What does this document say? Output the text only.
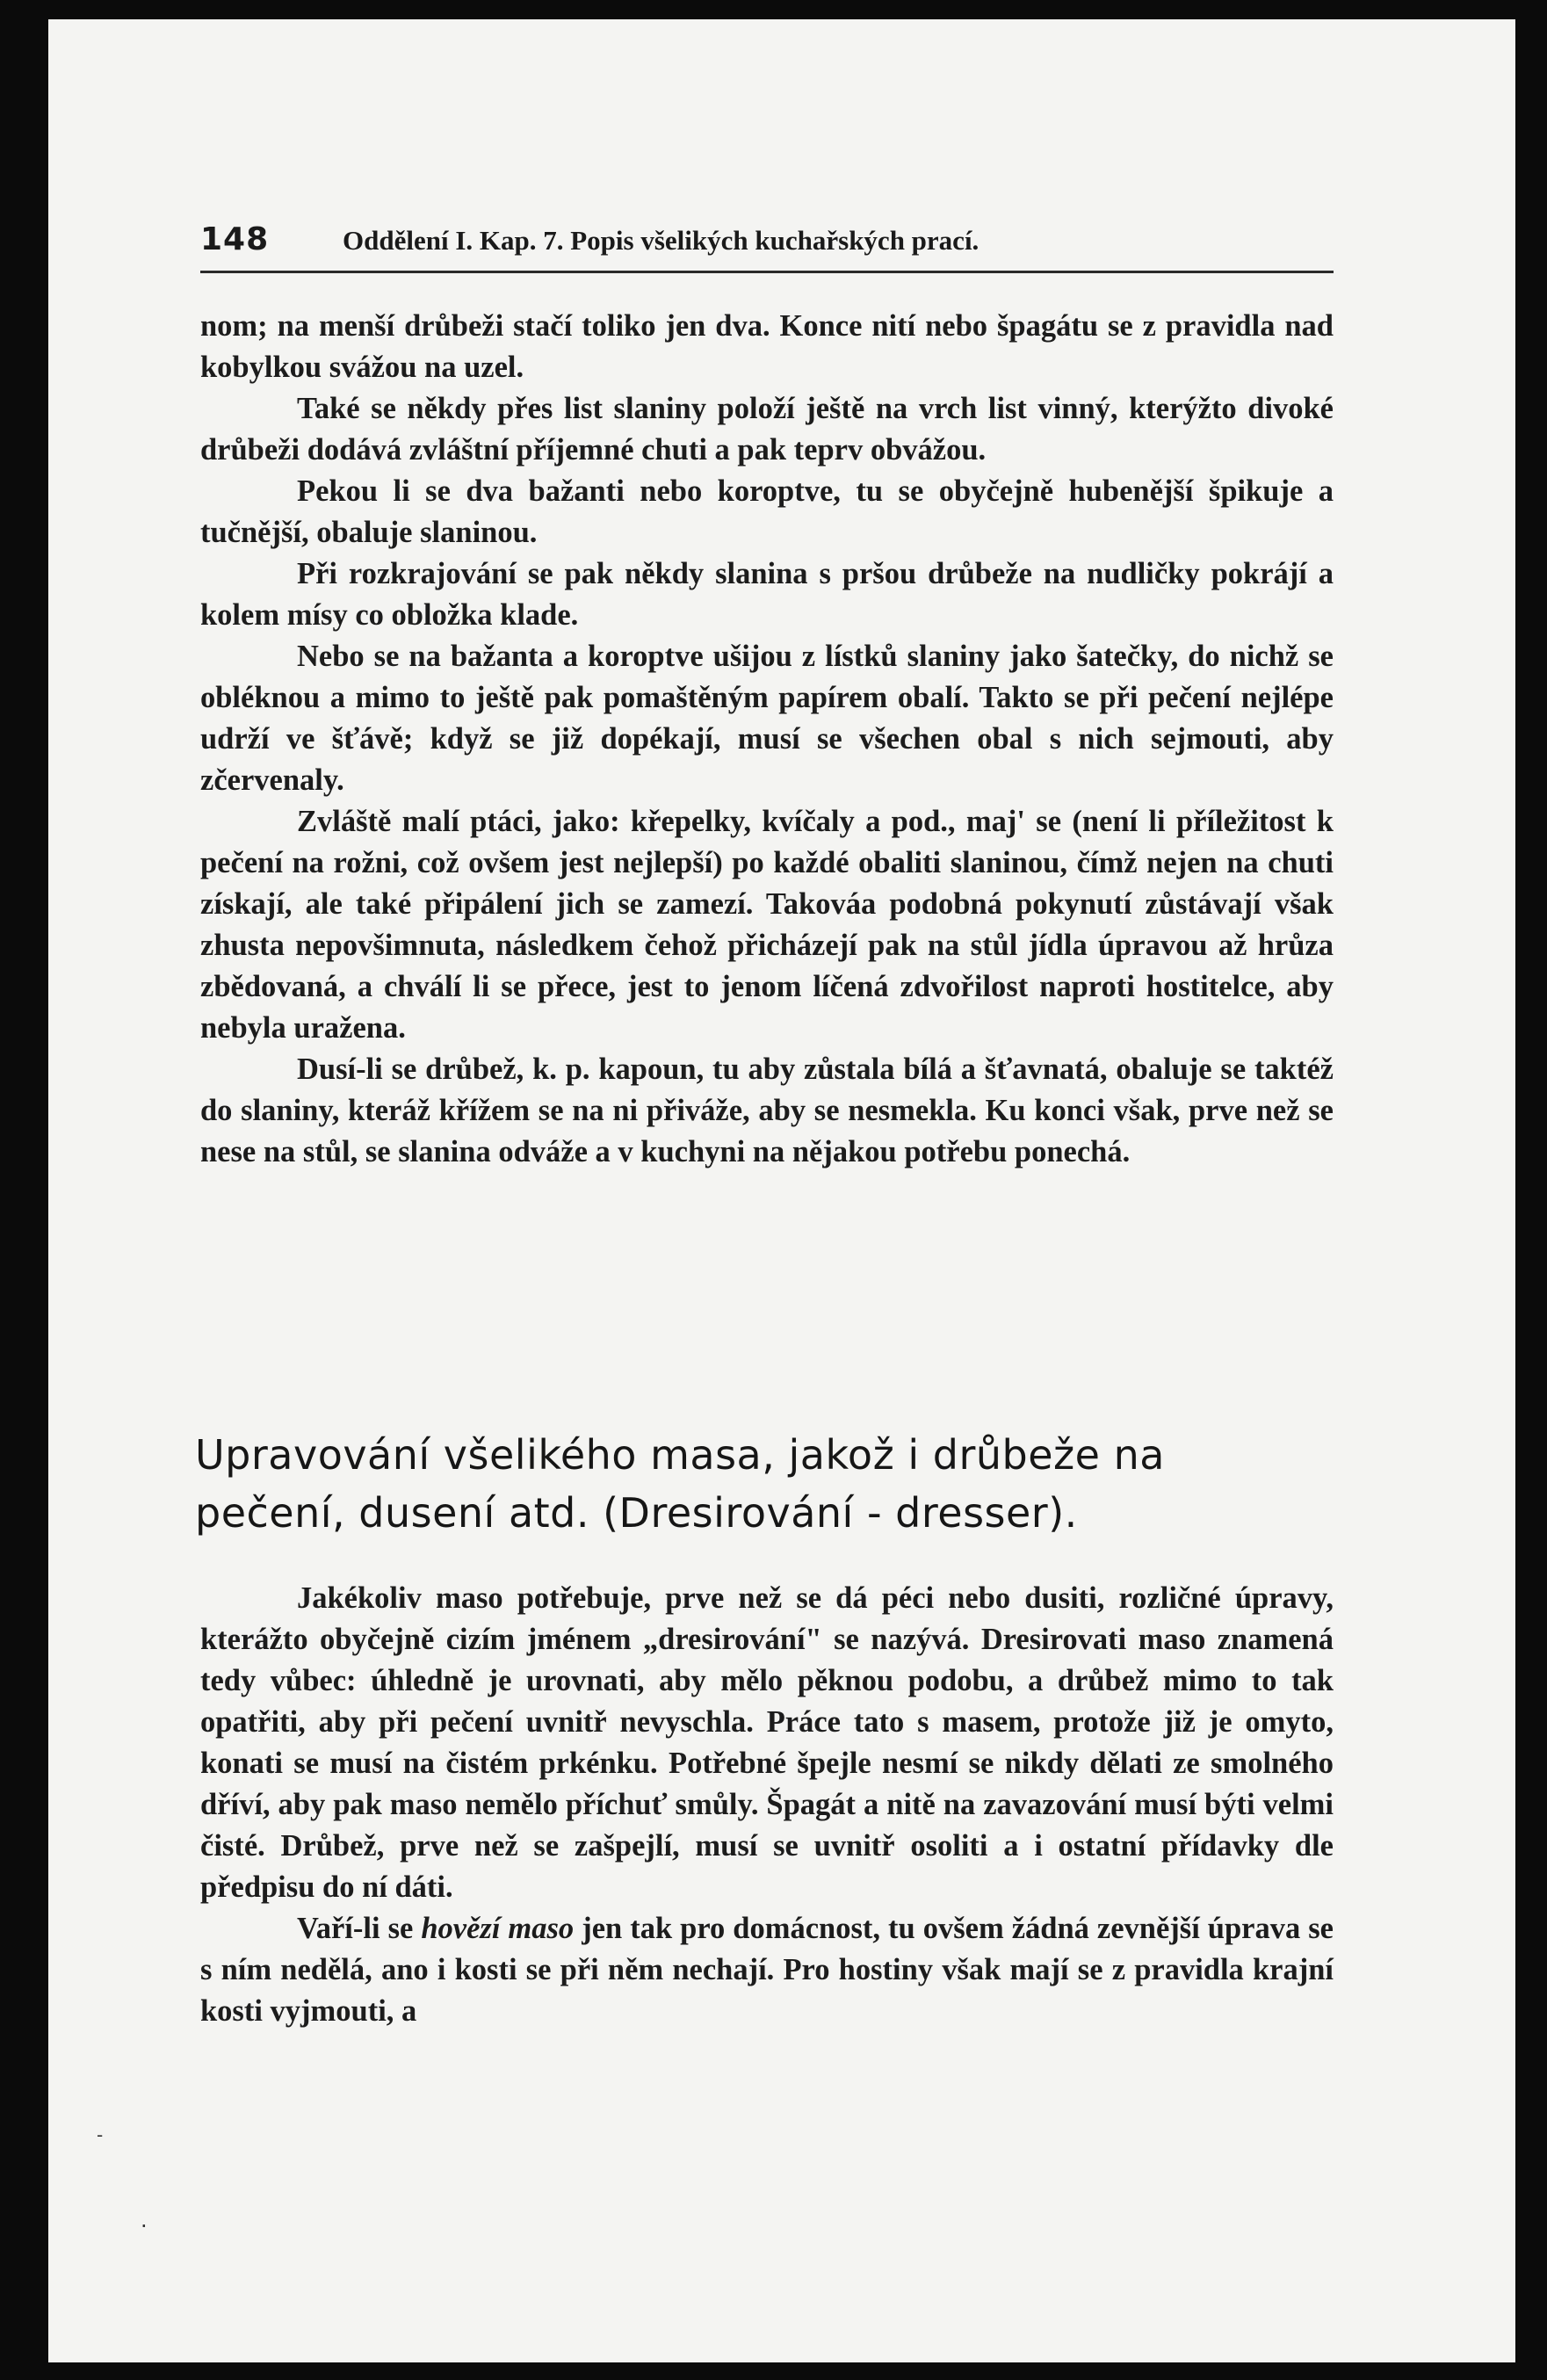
148	Oddělení I. Kap. 7. Popis všelikých kuchařských prací.

nom; na menší drůbeži stačí toliko jen dva. Konce nití nebo špagátu se z pravidla nad kobylkou svážou na uzel.

Také se někdy přes list slaniny položí ještě na vrch list vinný, kterýžto divoké drůbeži dodává zvláštní příjemné chuti a pak teprv obvážou.

Pekou li se dva bažanti nebo koroptve, tu se obyčejně hubenější špikuje a tučnější, obaluje slaninou.

Při rozkrajování se pak někdy slanina s pršou drůbeže na nudličky pokrájí a kolem mísy co obložka klade.

Nebo se na bažanta a koroptve ušijou z lístků slaniny jako šatečky, do nichž se obléknou a mimo to ještě pak pomaštěným papírem obalí. Takto se při pečení nejlépe udrží ve šťávě; když se již dopékají, musí se všechen obal s nich sejmouti, aby zčervenaly.

Zvláště malí ptáci, jako: křepelky, kvíčaly a pod., maj' se (není li příležitost k pečení na rožni, což ovšem jest nejlepší) po každé obaliti slaninou, čímž nejen na chuti získají, ale také připálení jich se zamezí. Takováa podobná pokynutí zůstávají však zhusta nepovšimnuta, následkem čehož přicházejí pak na stůl jídla úpravou až hrůza zbědovaná, a chválí li se přece, jest to jenom líčená zdvořilost naproti hostitelce, aby nebyla uražena.

Dusí-li se drůbež, k. p. kapoun, tu aby zůstala bílá a šťavnatá, obaluje se taktéž do slaniny, kteráž křížem se na ni přiváže, aby se nesmekla. Ku konci však, prve než se nese na stůl, se slanina odváže a v kuchyni na nějakou potřebu ponechá.

Upravování všelikého masa, jakož i drůbeže na
pečení, dusení atd. (Dresirování - dresser).

Jakékoliv maso potřebuje, prve než se dá péci nebo dusiti, rozličné úpravy, kterážto obyčejně cizím jménem „dresirování" se nazývá. Dresirovati maso znamená tedy vůbec: úhledně je urovnati, aby mělo pěknou podobu, a drůbež mimo to tak opatřiti, aby při pečení uvnitř nevyschla. Práce tato s masem, protože již je omyto, konati se musí na čistém prkénku. Potřebné špejle nesmí se nikdy dělati ze smolného dříví, aby pak maso nemělo příchuť smůly. Špagát a nitě na zavazování musí býti velmi čisté. Drůbež, prve než se zašpejlí, musí se uvnitř osoliti a i ostatní přídavky dle předpisu do ní dáti.

Vaří-li se hovězí maso jen tak pro domácnost, tu ovšem žádná zevnější úprava se s ním nedělá, ano i kosti se při něm nechají. Pro hostiny však mají se z pravidla krajní kosti vyjmouti, a

-
·
